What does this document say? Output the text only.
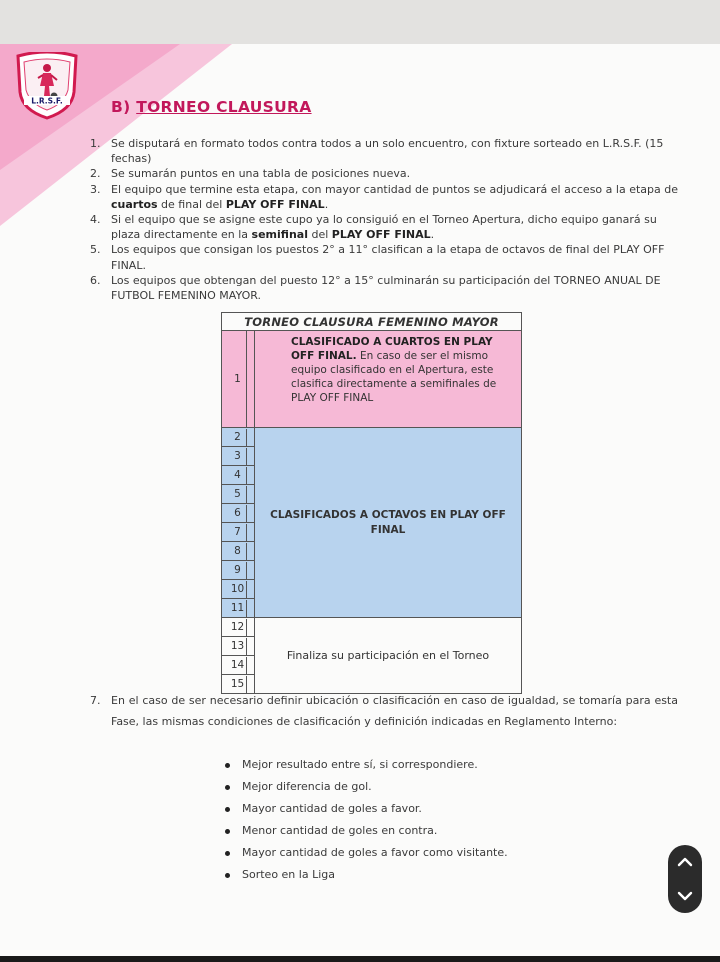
L.R.S.F.	B) TORNEO CLAUSURA
1. Se disputará en formato todos contra todos a un solo encuentro, con fixture sorteado en L.R.S.F. (15 fechas)
2. Se sumarán puntos en una tabla de posiciones nueva.
3. El equipo que termine esta etapa, con mayor cantidad de puntos se adjudicará el acceso a la etapa de cuartos de final del PLAY OFF FINAL.
4. Si el equipo que se asigne este cupo ya lo consiguió en el Torneo Apertura, dicho equipo ganará su plaza directamente en la semifinal del PLAY OFF FINAL.
5. Los equipos que consigan los puestos 2° a 11° clasifican a la etapa de octavos de final del PLAY OFF FINAL.
6. Los equipos que obtengan del puesto 12° a 15° culminarán su participación del TORNEO ANUAL DE FUTBOL FEMENINO MAYOR.
TORNEO CLAUSURA FEMENINO MAYOR	
1	CLASIFICADO A CUARTOS EN PLAY OFF FINAL. En caso de ser el mismo equipo clasificado en el Apertura, este clasifica directamente a semifinales de PLAY OFF FINAL
2	CLASIFICADOS A OCTAVOS EN PLAY OFF FINAL
3	
4	
5	
6	
7	
8	
9	
10	
11	
12	Finaliza su participación en el Torneo
13	
14	
15	
7. En el caso de ser necesario definir ubicación o clasificación en caso de igualdad, se tomaría para esta Fase, las mismas condiciones de clasificación y definición indicadas en Reglamento Interno:
Mejor resultado entre sí, si correspondiere.
Mejor diferencia de gol.
Mayor cantidad de goles a favor.
Menor cantidad de goles en contra.
Mayor cantidad de goles a favor como visitante.
Sorteo en la Liga
